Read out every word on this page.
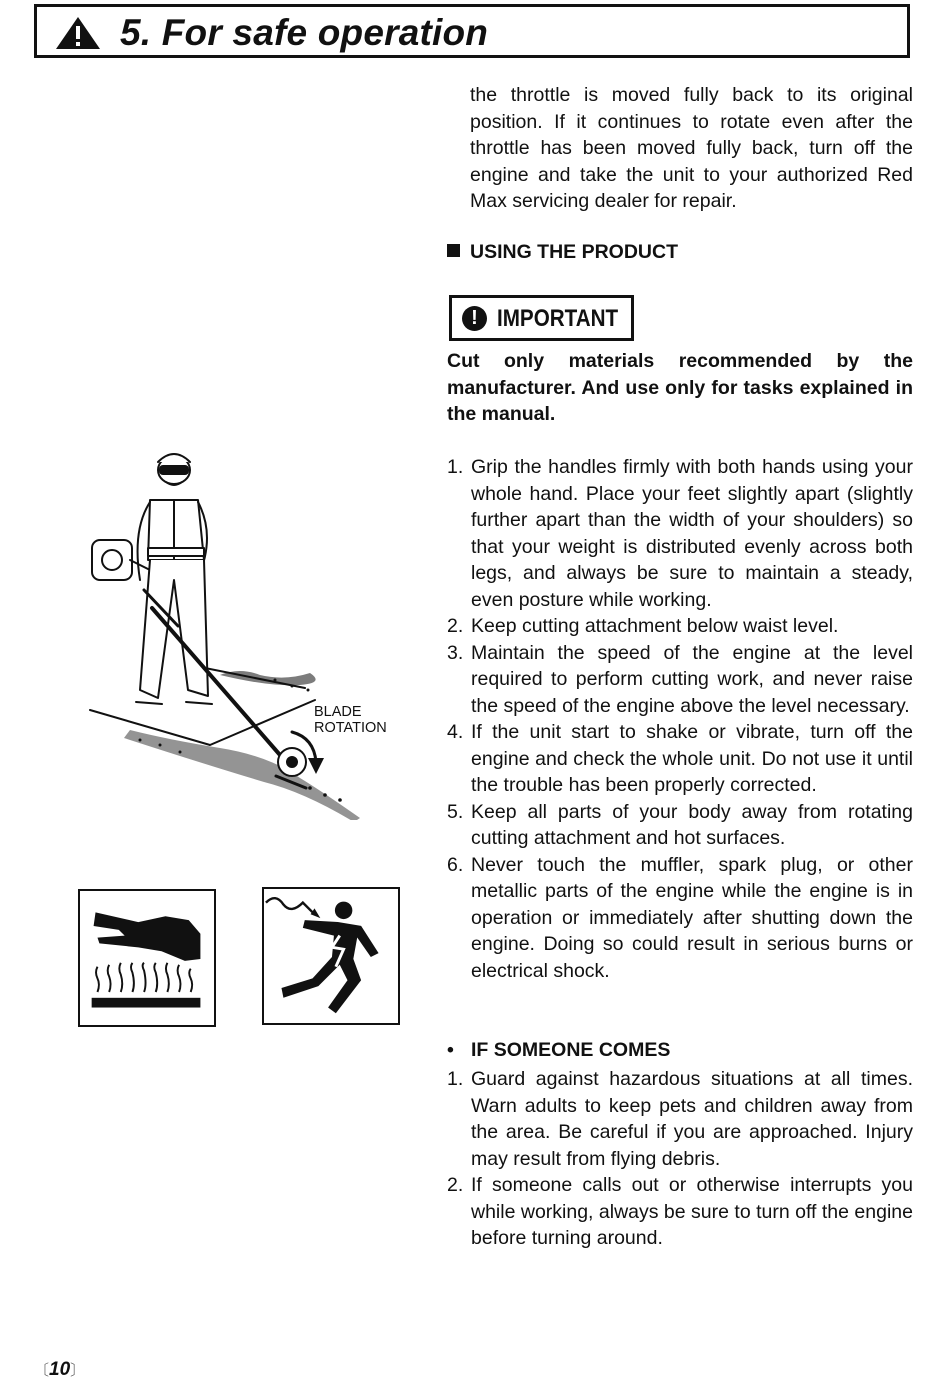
5. For safe operation
the throttle is moved fully back to its original position. If it continues to rotate even after the throttle has been moved fully back, turn off the engine and take the unit to your authorized Red Max servicing dealer for repair.
USING THE PRODUCT
! IMPORTANT
Cut only materials recommended by the manufacturer. And use only for tasks explained in the manual.
1. Grip the handles firmly with both hands using your whole hand. Place your feet slightly apart (slightly further apart than the width of your shoulders) so that your weight is distributed evenly across both legs, and always be sure to maintain a steady, even posture while working.
2. Keep cutting attachment below waist level.
3. Maintain the speed of the engine at the level required to perform cutting work, and never raise the speed of the engine above the level necessary.
4. If the unit start to shake or vibrate, turn off the engine and check the whole unit. Do not use it until the trouble has been properly corrected.
5. Keep all parts of your body away from rotating cutting attachment and hot surfaces.
6. Never touch the muffler, spark plug, or other metallic parts of the engine while the engine is in operation or immediately after shutting down the engine. Doing so could result in serious burns or electrical shock.
• IF SOMEONE COMES
1. Guard against hazardous situations at all times. Warn adults to keep pets and children away from the area. Be careful if you are approached. Injury may result from flying debris.
2. If someone calls out or otherwise interrupts you while working, always be sure to turn off the engine before turning around.
BLADE
ROTATION
〔10〕
